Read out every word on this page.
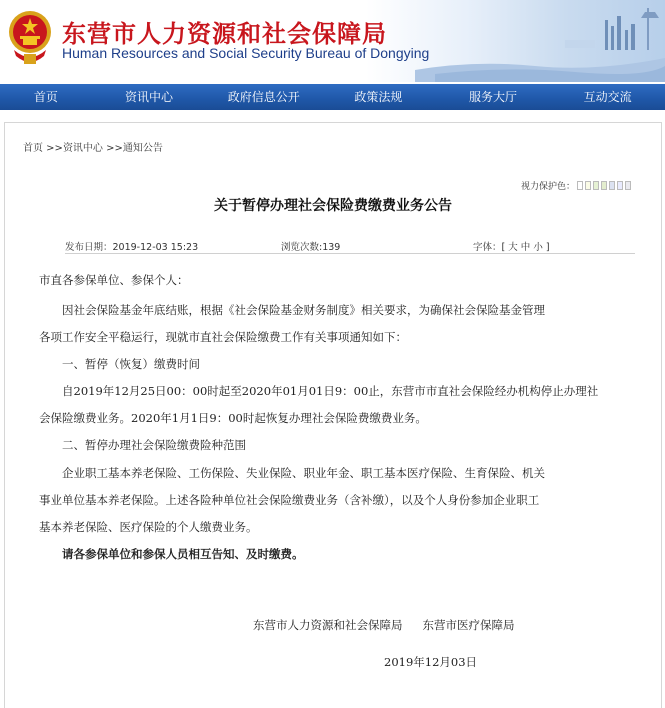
东营市人力资源和社会保障局
Human Resources and Social Security Bureau of Dongying
首页	资讯中心	政府信息公开	政策法规	服务大厅	互动交流
首页 >>资讯中心 >>通知公告
视力保护色：
关于暂停办理社会保险费缴费业务公告
发布日期：2019-12-03 15:23	浏览次数:139	字体：[ 大 中 小 ]

市直各参保单位、参保个人：

　　因社会保险基金年底结账，根据《社会保险基金财务制度》相关要求，为确保社会保险基金管理

各项工作安全平稳运行，现就市直社会保险缴费工作有关事项通知如下：

　　一、暂停（恢复）缴费时间

　　自2019年12月25日00：00时起至2020年01月01日9：00止，东营市市直社会保险经办机构停止办理社

会保险缴费业务。2020年1月1日9：00时起恢复办理社会保险费缴费业务。

　　二、暂停办理社会保险缴费险种范围

　　企业职工基本养老保险、工伤保险、失业保险、职业年金、职工基本医疗保险、生育保险、机关

事业单位基本养老保险。上述各险种单位社会保险缴费业务（含补缴），以及个人身份参加企业职工

基本养老保险、医疗保险的个人缴费业务。

　　请各参保单位和参保人员相互告知、及时缴费。

东营市人力资源和社会保障局 东营市医疗保障局
2019年12月03日
